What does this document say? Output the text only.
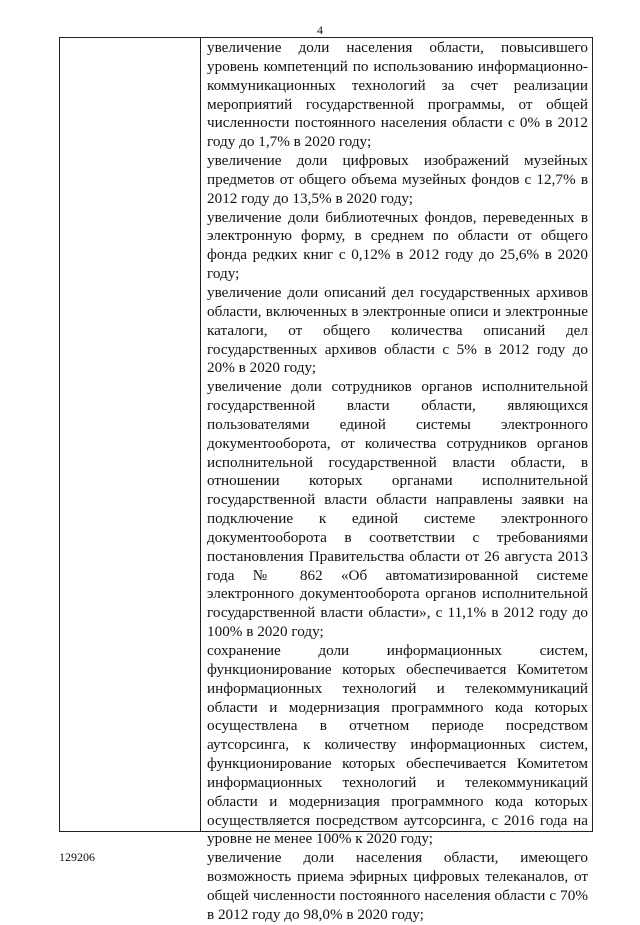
4

увеличение доли населения области, повысившего уровень компетенций по использованию информационно-коммуникационных технологий за счет реализации мероприятий государственной программы, от общей численности постоянного населения области с 0% в 2012 году до 1,7% в 2020 году;

увеличение доли цифровых изображений музейных предметов от общего объема музейных фондов с 12,7% в 2012 году до 13,5% в 2020 году;

увеличение доли библиотечных фондов, переведенных в электронную форму, в среднем по области от общего фонда редких книг с 0,12% в 2012 году до 25,6% в 2020 году;

увеличение доли описаний дел государственных архивов области, включенных в электронные описи и электронные каталоги, от общего количества описаний дел государственных архивов области с 5% в 2012 году до 20% в 2020 году;

увеличение доли сотрудников органов исполнительной государственной власти области, являющихся пользователями единой системы электронного документооборота, от количества сотрудников органов исполнительной государственной власти области, в отношении которых органами исполнительной государственной власти области направлены заявки на подключение к единой системе электронного документооборота в соответствии с требованиями постановления Правительства области от 26 августа 2013 года № 862 «Об автоматизированной системе электронного документооборота органов исполнительной государственной власти области», с 11,1% в 2012 году до 100% в 2020 году;

сохранение доли информационных систем, функционирование которых обеспечивается Комитетом информационных технологий и телекоммуникаций области и модернизация программного кода которых осуществлена в отчетном периоде посредством аутсорсинга, к количеству информационных систем, функционирование которых обеспечивается Комитетом информационных технологий и телекоммуникаций области и модернизация программного кода которых осуществляется посредством аутсорсинга, с 2016 года на уровне не менее 100% к 2020 году;

увеличение доли населения области, имеющего возможность приема эфирных цифровых телеканалов, от общей численности постоянного населения области с 70% в 2012 году до 98,0% в 2020 году;

129206
